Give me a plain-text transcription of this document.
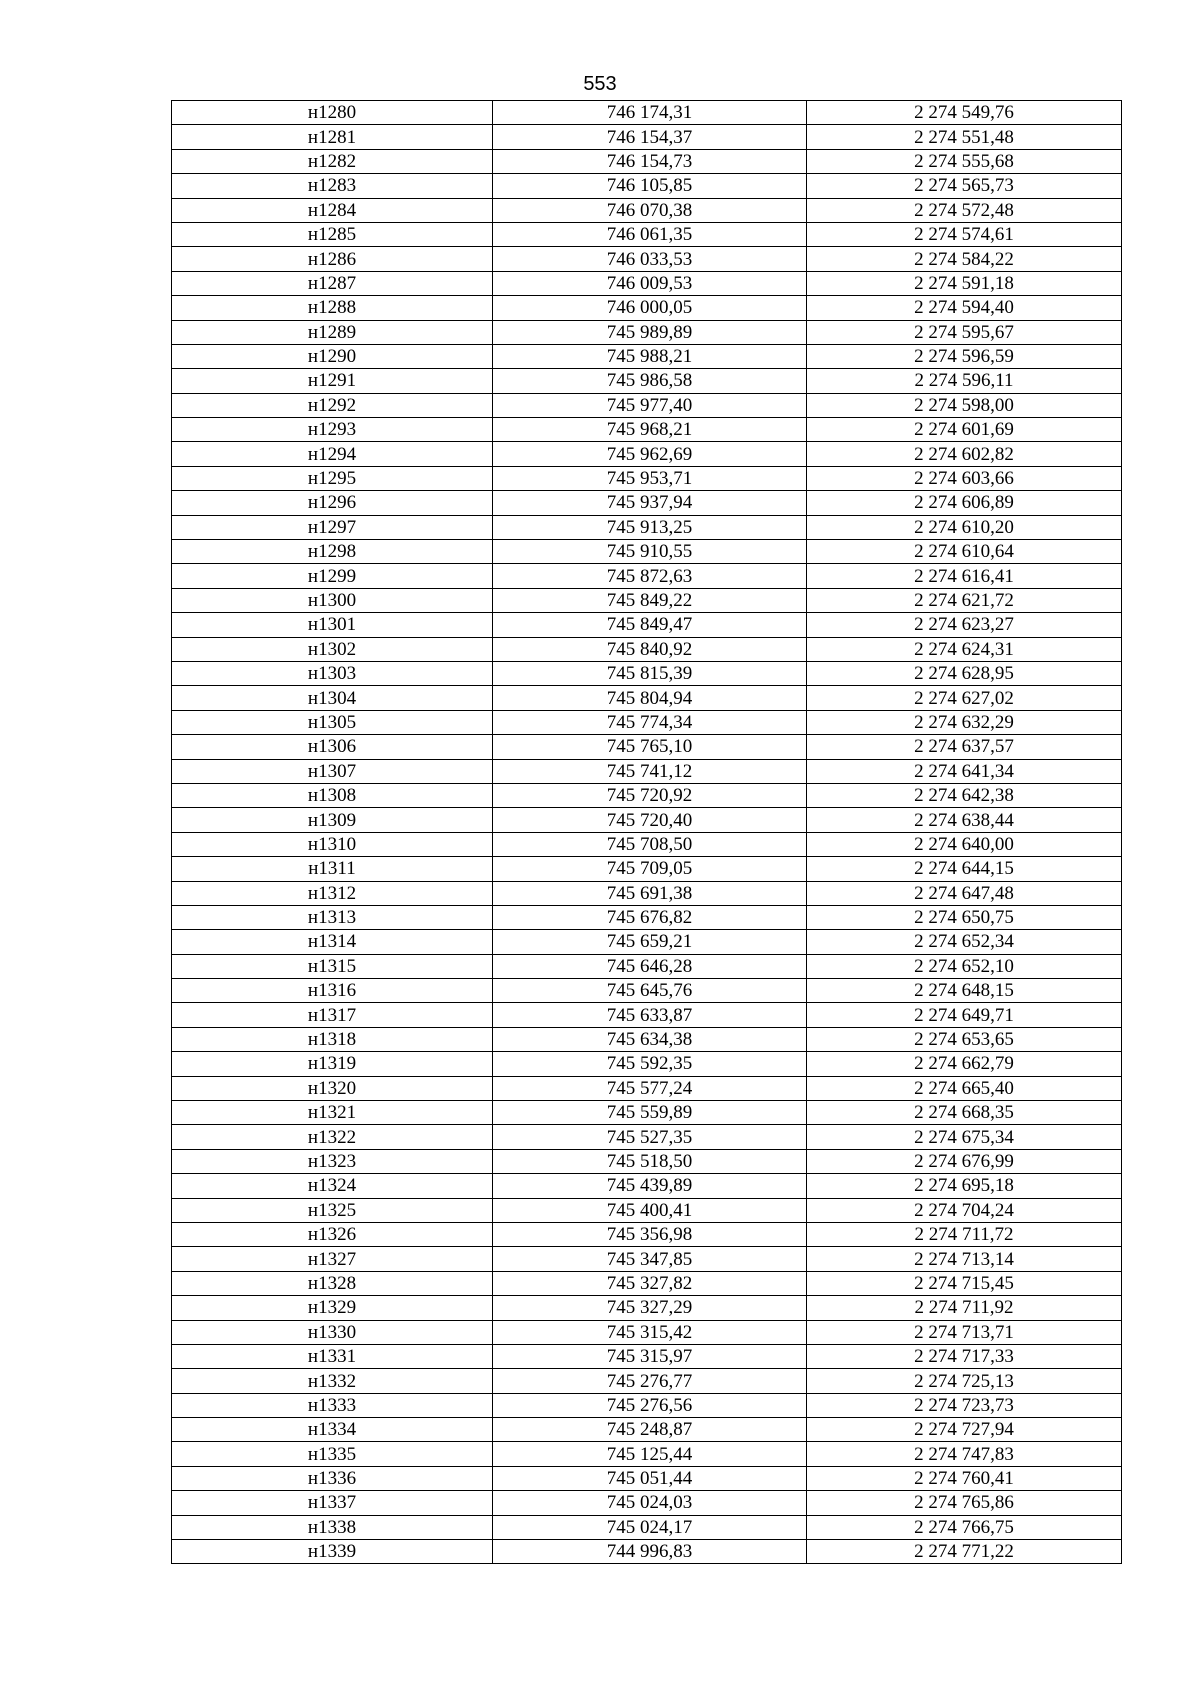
553
н1280	746 174,31	2 274 549,76
н1281	746 154,37	2 274 551,48
н1282	746 154,73	2 274 555,68
н1283	746 105,85	2 274 565,73
н1284	746 070,38	2 274 572,48
н1285	746 061,35	2 274 574,61
н1286	746 033,53	2 274 584,22
н1287	746 009,53	2 274 591,18
н1288	746 000,05	2 274 594,40
н1289	745 989,89	2 274 595,67
н1290	745 988,21	2 274 596,59
н1291	745 986,58	2 274 596,11
н1292	745 977,40	2 274 598,00
н1293	745 968,21	2 274 601,69
н1294	745 962,69	2 274 602,82
н1295	745 953,71	2 274 603,66
н1296	745 937,94	2 274 606,89
н1297	745 913,25	2 274 610,20
н1298	745 910,55	2 274 610,64
н1299	745 872,63	2 274 616,41
н1300	745 849,22	2 274 621,72
н1301	745 849,47	2 274 623,27
н1302	745 840,92	2 274 624,31
н1303	745 815,39	2 274 628,95
н1304	745 804,94	2 274 627,02
н1305	745 774,34	2 274 632,29
н1306	745 765,10	2 274 637,57
н1307	745 741,12	2 274 641,34
н1308	745 720,92	2 274 642,38
н1309	745 720,40	2 274 638,44
н1310	745 708,50	2 274 640,00
н1311	745 709,05	2 274 644,15
н1312	745 691,38	2 274 647,48
н1313	745 676,82	2 274 650,75
н1314	745 659,21	2 274 652,34
н1315	745 646,28	2 274 652,10
н1316	745 645,76	2 274 648,15
н1317	745 633,87	2 274 649,71
н1318	745 634,38	2 274 653,65
н1319	745 592,35	2 274 662,79
н1320	745 577,24	2 274 665,40
н1321	745 559,89	2 274 668,35
н1322	745 527,35	2 274 675,34
н1323	745 518,50	2 274 676,99
н1324	745 439,89	2 274 695,18
н1325	745 400,41	2 274 704,24
н1326	745 356,98	2 274 711,72
н1327	745 347,85	2 274 713,14
н1328	745 327,82	2 274 715,45
н1329	745 327,29	2 274 711,92
н1330	745 315,42	2 274 713,71
н1331	745 315,97	2 274 717,33
н1332	745 276,77	2 274 725,13
н1333	745 276,56	2 274 723,73
н1334	745 248,87	2 274 727,94
н1335	745 125,44	2 274 747,83
н1336	745 051,44	2 274 760,41
н1337	745 024,03	2 274 765,86
н1338	745 024,17	2 274 766,75
н1339	744 996,83	2 274 771,22
